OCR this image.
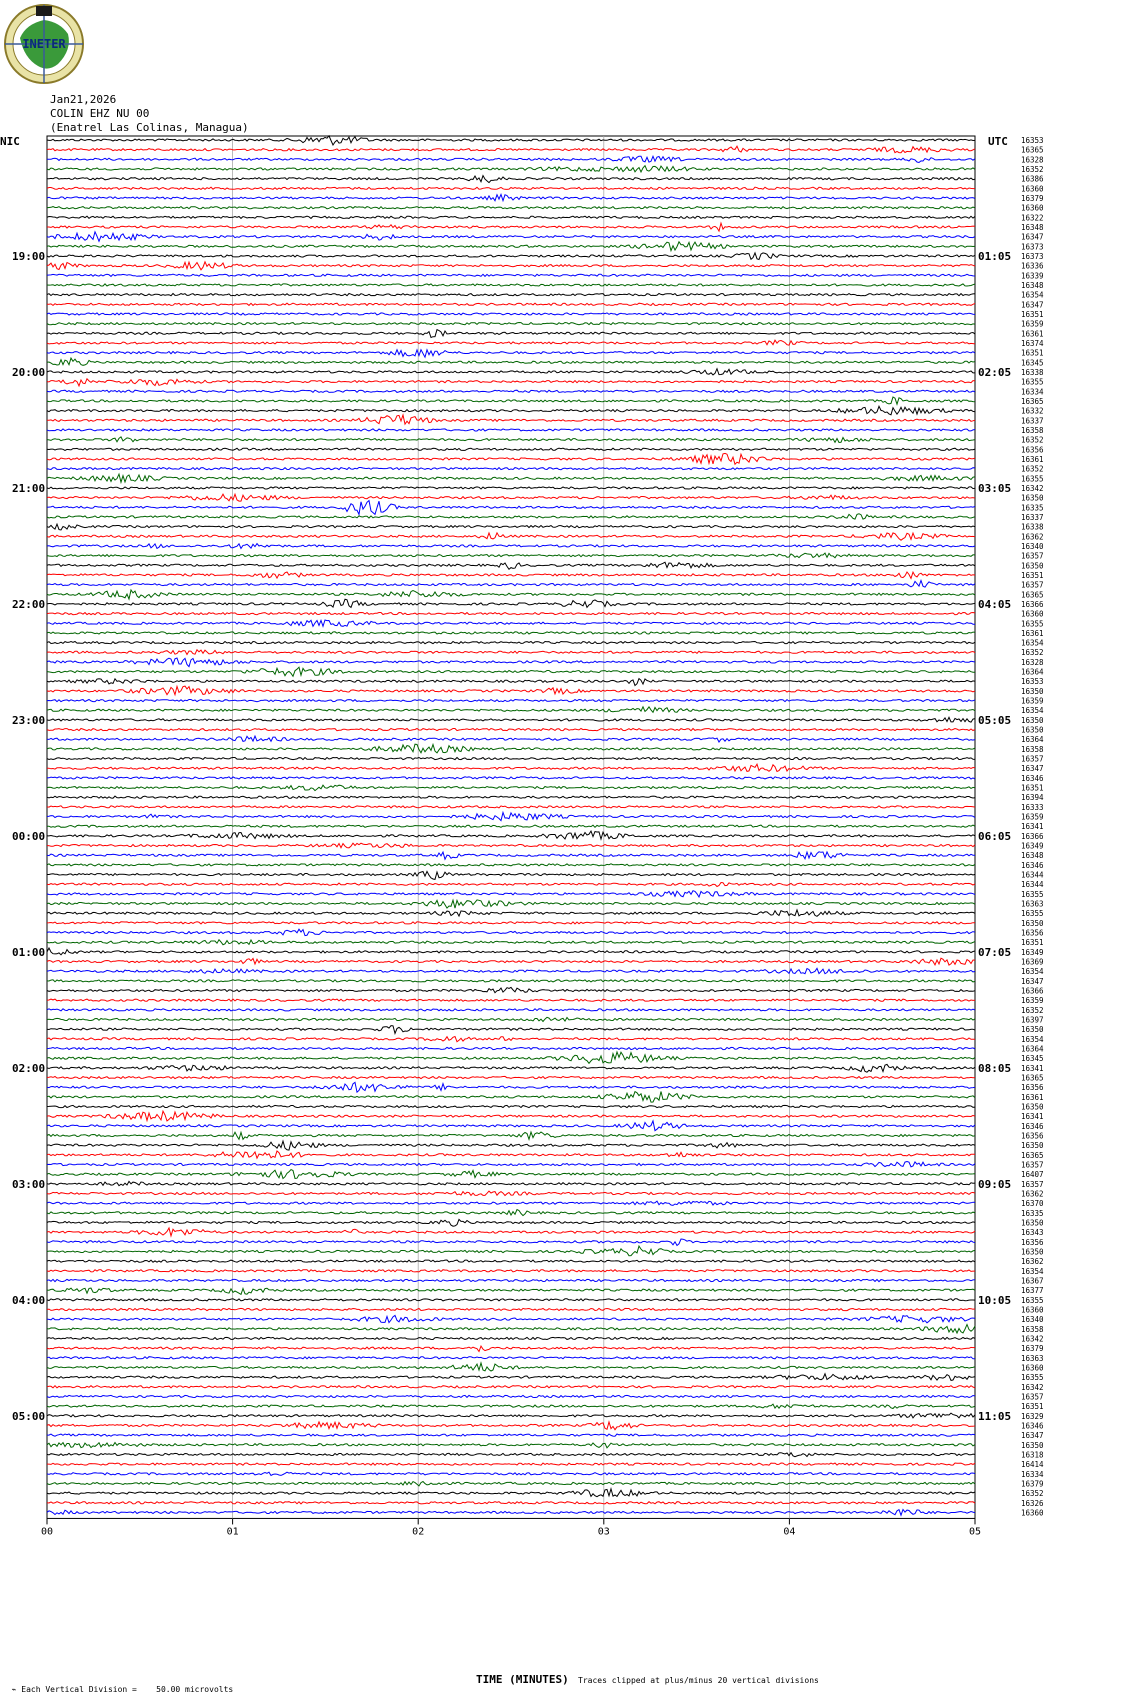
INETER
Jan21,2026
COLIN EHZ NU 00
(Enatrel Las Colinas, Managua)
NIC	UTC
00	01	02	03	04	05
16353
16365
16328
16352
16386
16360
16379
16360
16322
16348
16347
16373
16373
16336
16339
16348
16354
16347
16351
16359
16361
16374
16351
16345
16338
16355
16334
16365
16332
16337
16358
16352
16356
16361
16352
16355
16342
16350
16335
16337
16338
16362
16340
16357
16350
16351
16357
16365
16366
16360
16355
16361
16354
16352
16328
16364
16353
16350
16359
16354
16350
16350
16364
16358
16357
16347
16346
16351
16394
16333
16359
16341
16366
16349
16348
16346
16344
16344
16355
16363
16355
16350
16356
16351
16349
16369
16354
16347
16366
16359
16352
16397
16350
16354
16364
16345
16341
16365
16356
16361
16350
16341
16346
16356
16350
16365
16357
16407
16357
16362
16370
16335
16350
16343
16356
16350
16362
16354
16367
16377
16355
16360
16340
16358
16342
16379
16363
16360
16355
16342
16357
16351
16329
16346
16347
16350
16318
16414
16334
16379
16352
16326
16360
19:00	01:05
20:00	02:05
21:00	03:05
22:00	04:05
23:00	05:05
00:00	06:05
01:00	07:05
02:00	08:05
03:00	09:05
04:00	10:05
05:00	11:05

⌁ Each Vertical Division =    50.00 microvolts

TIME (MINUTES) Traces clipped at plus/minus 20 vertical divisions
